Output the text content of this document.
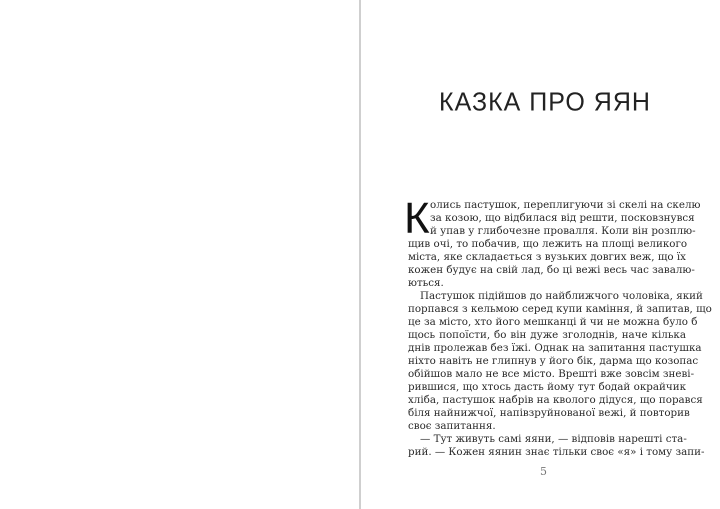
КАЗКА ПРО ЯЯН
К олись пастушок, переплигуючи зі скелі на скелю
за козою, що відбилася від решти, посковзнувся
й упав у глибочезне провалля. Коли він розплю-
щив очі, то побачив, що лежить на площі великого
міста, яке складається з вузьких довгих веж, що їх
кожен будує на свій лад, бо ці вежі весь час завалю-
ються.
Пастушок підійшов до найближчого чоловіка, який
порпався з кельмою серед купи каміння, й запитав, що
це за місто, хто його мешканці й чи не можна було б
щось попоїсти, бо він дуже зголоднів, наче кілька
днів пролежав без їжі. Однак на запитання пастушка
ніхто навіть не глипнув у його бік, дарма що козопас
обійшов мало не все місто. Врешті вже зовсім зневі-
рившися, що хтось дасть йому тут бодай окрайчик
хліба, пастушок набрів на кволого дідуся, що порався
біля найнижчої, напівзруйнованої вежі, й повторив
своє запитання.
— Тут живуть самі яяни, — відповів нарешті ста-
рий. — Кожен яянин знає тільки своє «я» і тому запи-
5
